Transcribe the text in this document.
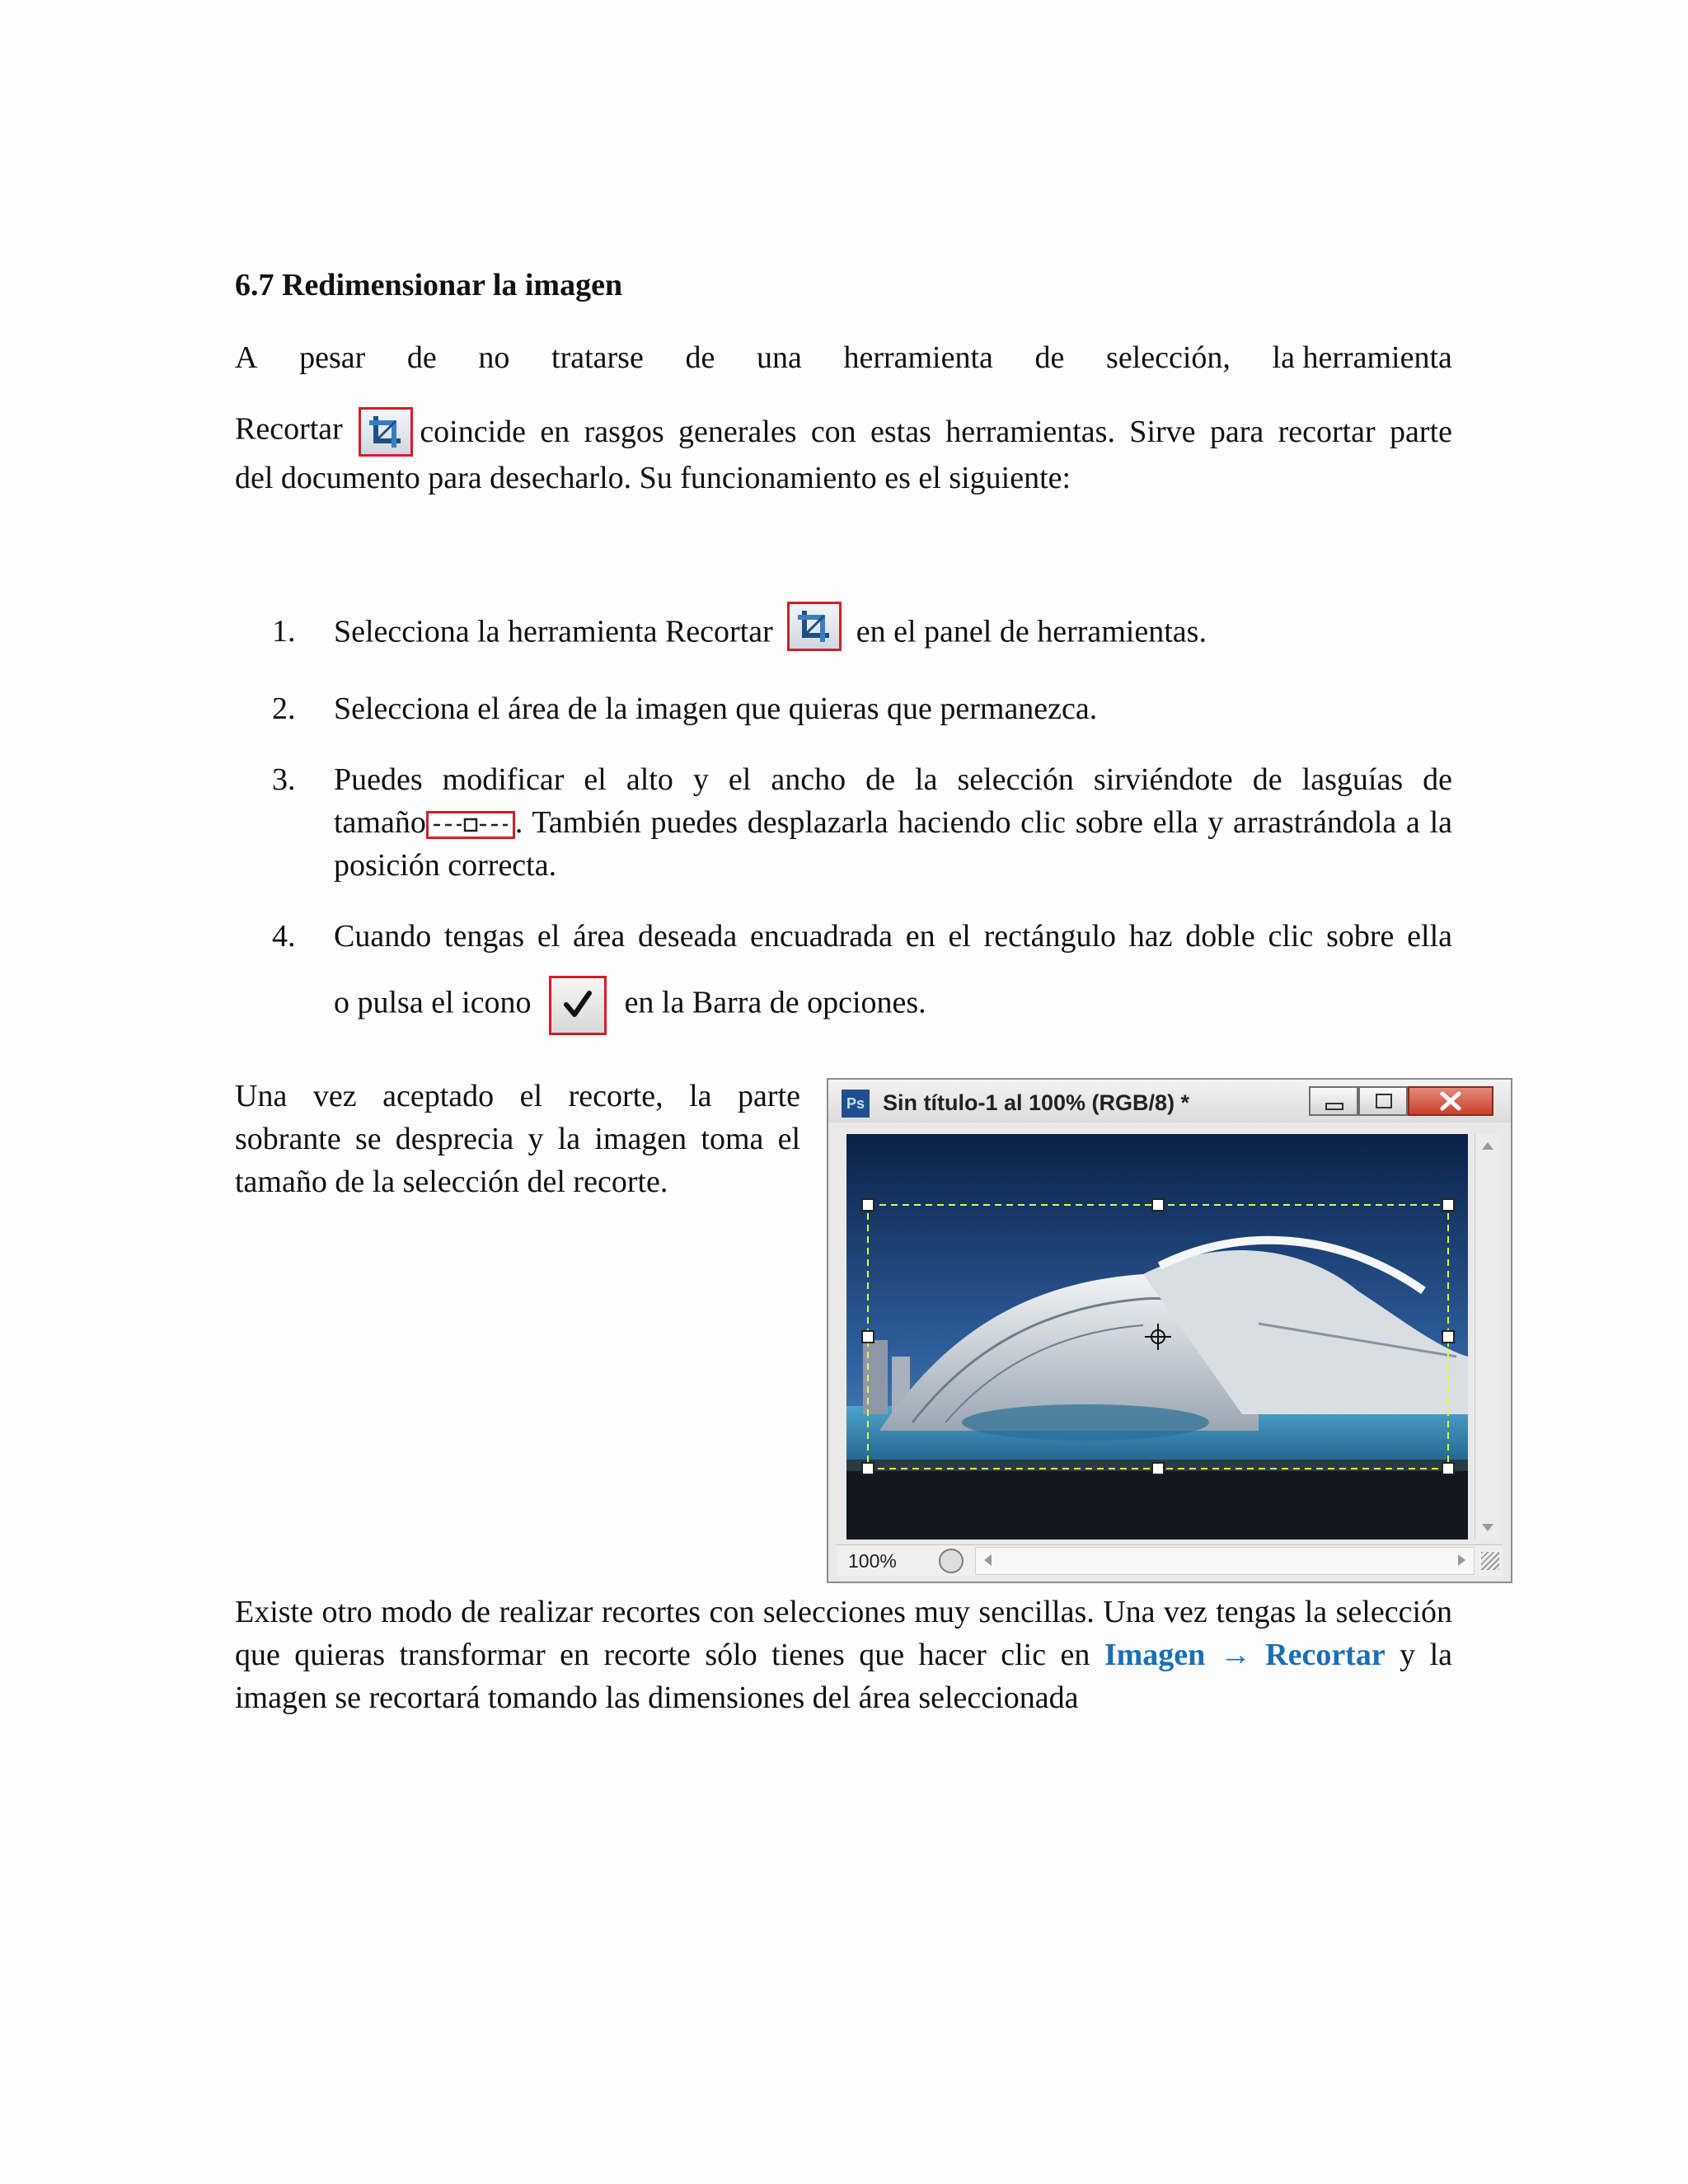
6.7 Redimensionar la imagen
A pesar de no tratarse de una herramienta de selección, la herramienta
Recortar	coincide en rasgos generales con estas herramientas. Sirve para recortar parte
del documento para desecharlo. Su funcionamiento es el siguiente:
1. Selecciona la herramienta Recortar	en el panel de herramientas.
2. Selecciona el área de la imagen que quieras que permanezca.
3. Puedes modificar el alto y el ancho de la selección sirviéndote de lasguías de
tamaño	. También puedes desplazarla haciendo clic sobre ella y arrastrándola a la posición correcta.
4. Cuando tengas el área deseada encuadrada en el rectángulo haz doble clic sobre ella
o pulsa el icono	en la Barra de opciones.
Una vez aceptado el recorte, la parte sobrante se desprecia y la imagen toma el tamaño de la selección del recorte.
Ps Sin título-1 al 100% (RGB/8) *
100%
Existe otro modo de realizar recortes con selecciones muy sencillas. Una vez tengas la selección que quieras transformar en recorte sólo tienes que hacer clic en Imagen → Recortar y la imagen se recortará tomando las dimensiones del área seleccionada
